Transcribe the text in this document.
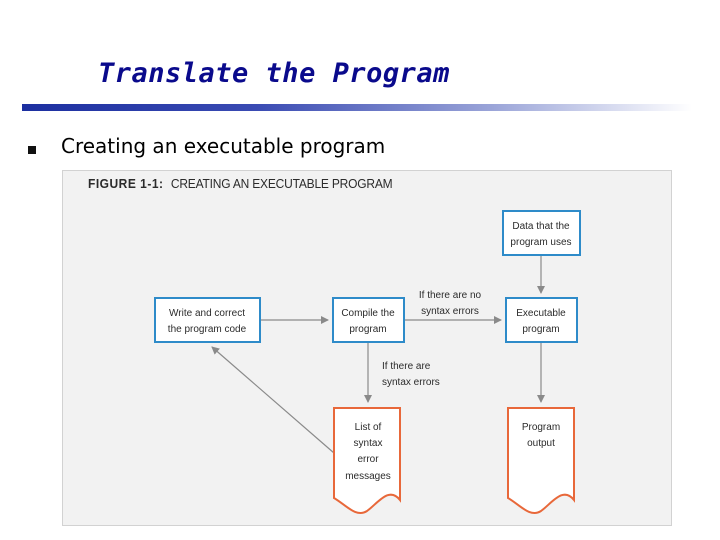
Translate the Program
Creating an executable program
FIGURE 1-1: CREATING AN EXECUTABLE PROGRAM
Data that the
program uses
Write and correct
the program code
Compile the
program
Executable
program
List of
syntax
error
messages
Program
output
If there are no
syntax errors
If there are
syntax errors
